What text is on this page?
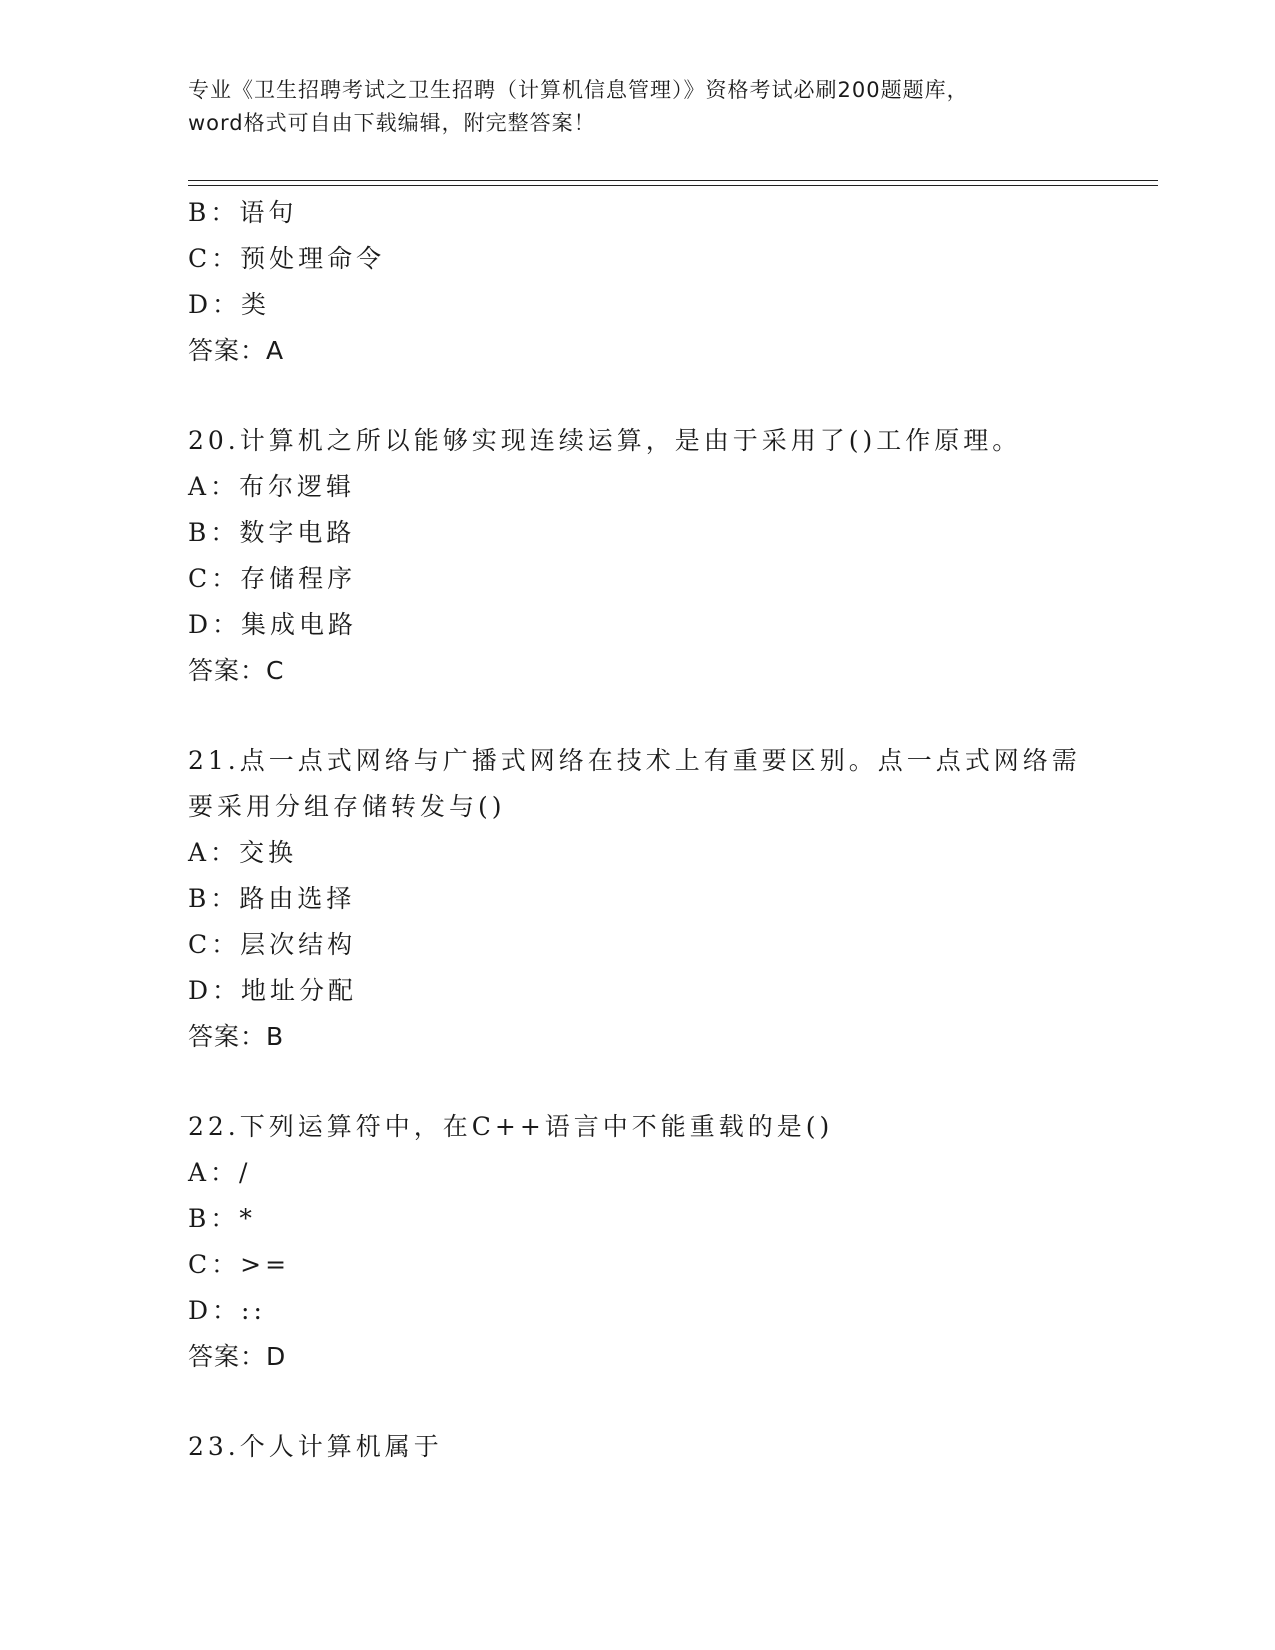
专业《卫生招聘考试之卫生招聘（计算机信息管理）》资格考试必刷200题题库，
word格式可自由下载编辑，附完整答案！
B：语句
C：预处理命令
D：类
答案：A
20.计算机之所以能够实现连续运算，是由于采用了()工作原理。
A：布尔逻辑
B：数字电路
C：存储程序
D：集成电路
答案：C
21.点一点式网络与广播式网络在技术上有重要区别。点一点式网络需
要采用分组存储转发与()
A：交换
B：路由选择
C：层次结构
D：地址分配
答案：B
22.下列运算符中，在C++语言中不能重载的是()
A：/
B：*
C：>=
D：::
答案：D
23.个人计算机属于
